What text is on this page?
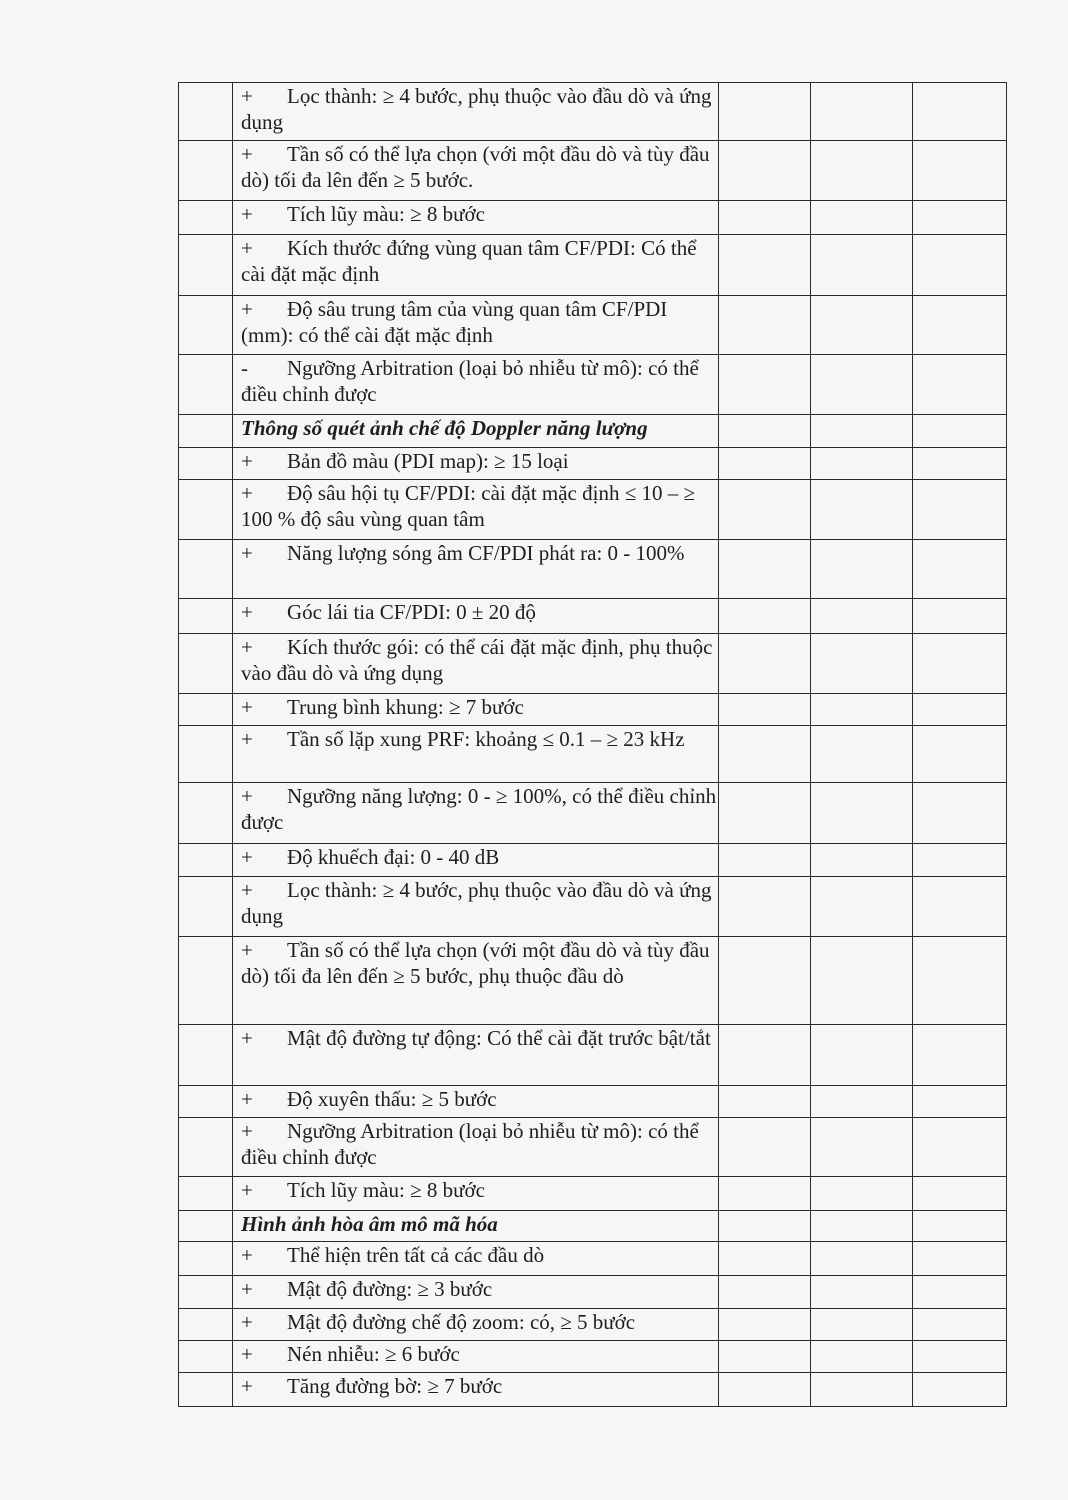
	+ Lọc thành: ≥ 4 bước, phụ thuộc vào đầu dò và ứng dụng			
	+ Tần số có thể lựa chọn (với một đầu dò và tùy đầu dò) tối đa lên đến ≥ 5 bước.			
	+ Tích lũy màu: ≥ 8 bước			
	+ Kích thước đứng vùng quan tâm CF/PDI: Có thể cài đặt mặc định			
	+ Độ sâu trung tâm của vùng quan tâm CF/PDI (mm): có thể cài đặt mặc định			
	- Ngưỡng Arbitration (loại bỏ nhiễu từ mô): có thể điều chỉnh được			
	Thông số quét ảnh chế độ Doppler năng lượng			
	+ Bản đồ màu (PDI map): ≥ 15 loại			
	+ Độ sâu hội tụ CF/PDI: cài đặt mặc định ≤ 10 – ≥ 100 % độ sâu vùng quan tâm			
	+ Năng lượng sóng âm CF/PDI phát ra: 0 - 100%			
	+ Góc lái tia CF/PDI: 0 ± 20 độ			
	+ Kích thước gói: có thể cái đặt mặc định, phụ thuộc vào đầu dò và ứng dụng			
	+ Trung bình khung: ≥ 7 bước			
	+ Tần số lặp xung PRF: khoảng ≤ 0.1 – ≥ 23 kHz			
	+ Ngưỡng năng lượng: 0 - ≥ 100%, có thể điều chỉnh được			
	+ Độ khuếch đại: 0 - 40 dB			
	+ Lọc thành: ≥ 4 bước, phụ thuộc vào đầu dò và ứng dụng			
	+ Tần số có thể lựa chọn (với một đầu dò và tùy đầu dò) tối đa lên đến ≥ 5 bước, phụ thuộc đầu dò			
	+ Mật độ đường tự động: Có thể cài đặt trước bật/tắt			
	+ Độ xuyên thấu: ≥ 5 bước			
	+ Ngưỡng Arbitration (loại bỏ nhiễu từ mô): có thể điều chỉnh được			
	+ Tích lũy màu: ≥ 8 bước			
	Hình ảnh hòa âm mô mã hóa			
	+ Thể hiện trên tất cả các đầu dò			
	+ Mật độ đường: ≥ 3 bước			
	+ Mật độ đường chế độ zoom: có, ≥ 5 bước			
	+ Nén nhiễu: ≥ 6 bước			
	+ Tăng đường bờ: ≥ 7 bước			
